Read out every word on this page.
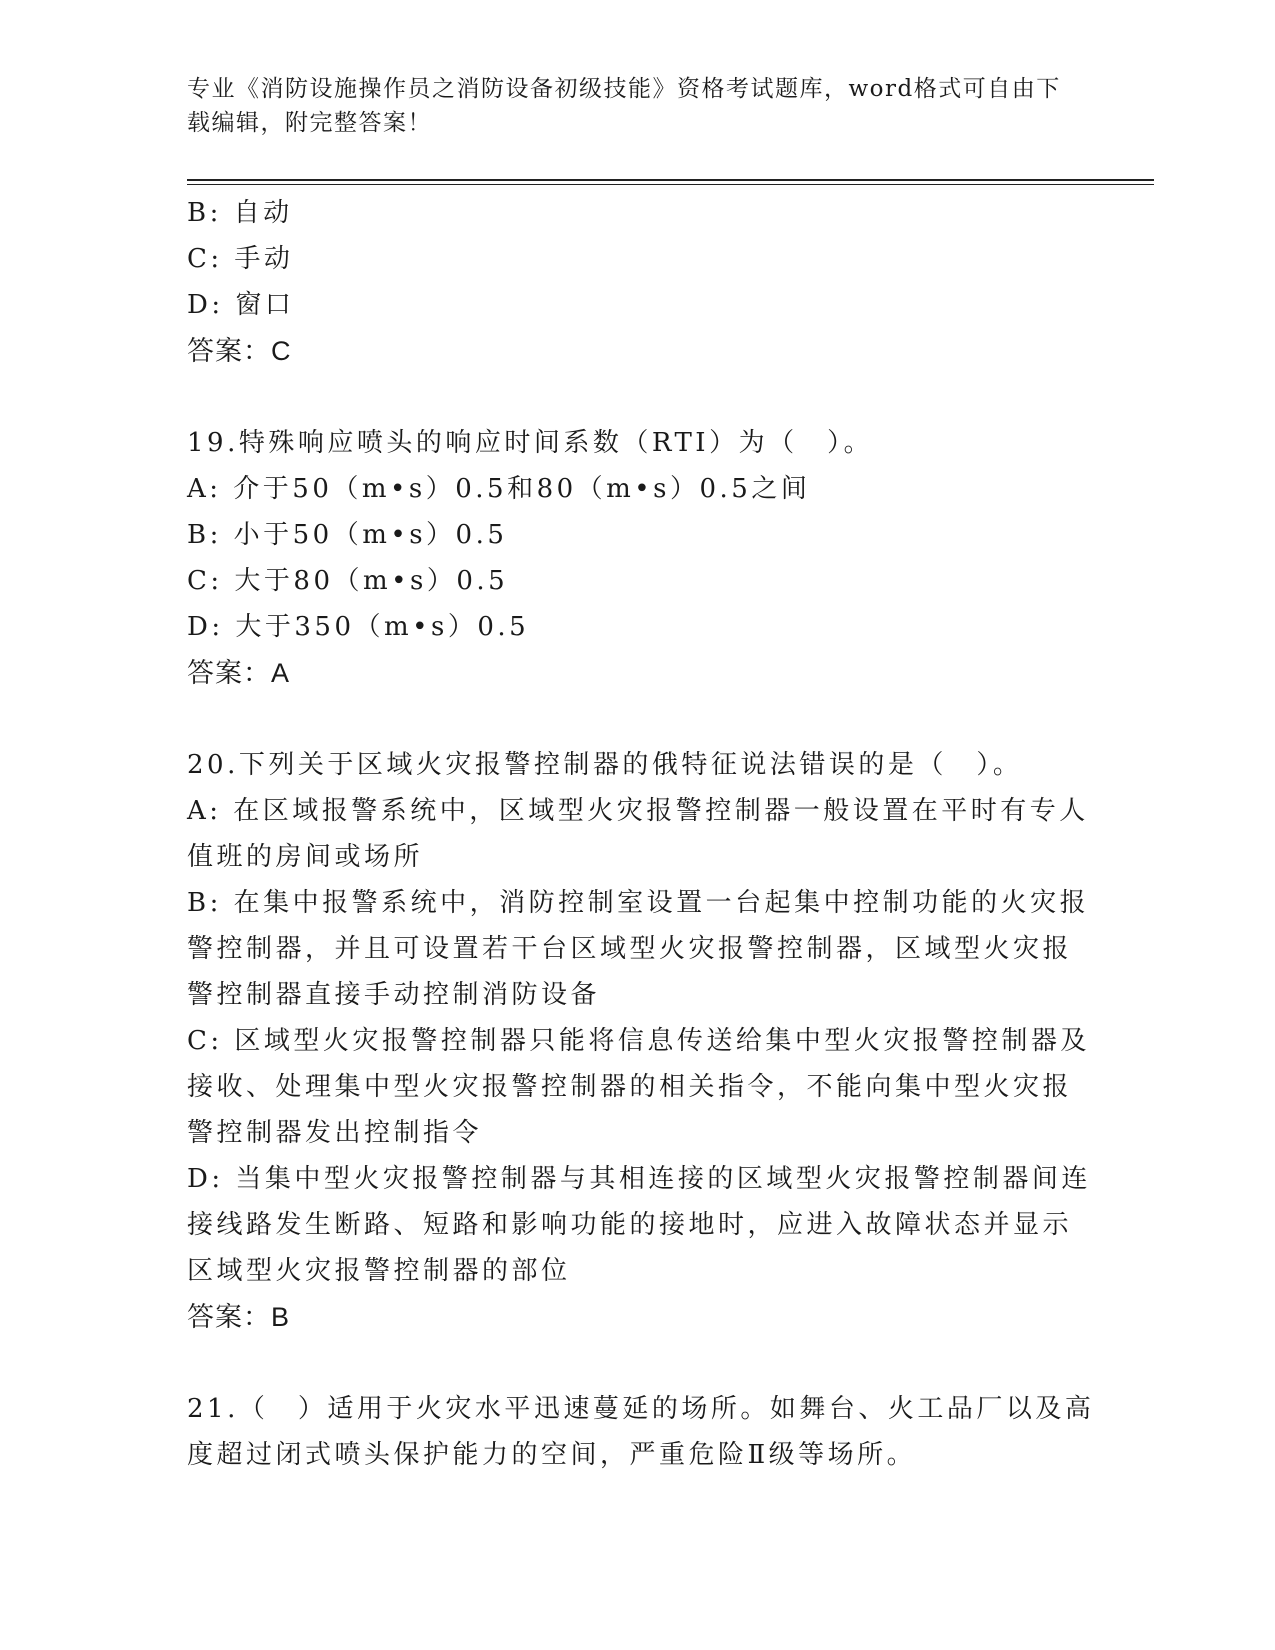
专业《消防设施操作员之消防设备初级技能》资格考试题库，word格式可自由下
载编辑，附完整答案！
B: 自动
C: 手动
D: 窗口
答案：C
19.特殊响应喷头的响应时间系数（RTI）为（　）。
A: 介于50（m•s）0.5和80（m•s）0.5之间
B: 小于50（m•s）0.5
C: 大于80（m•s）0.5
D: 大于350（m•s）0.5
答案：A
20.下列关于区域火灾报警控制器的俄特征说法错误的是（　）。
A: 在区域报警系统中，区域型火灾报警控制器一般设置在平时有专人
值班的房间或场所
B: 在集中报警系统中，消防控制室设置一台起集中控制功能的火灾报
警控制器，并且可设置若干台区域型火灾报警控制器，区域型火灾报
警控制器直接手动控制消防设备
C: 区域型火灾报警控制器只能将信息传送给集中型火灾报警控制器及
接收、处理集中型火灾报警控制器的相关指令，不能向集中型火灾报
警控制器发出控制指令
D: 当集中型火灾报警控制器与其相连接的区域型火灾报警控制器间连
接线路发生断路、短路和影响功能的接地时，应进入故障状态并显示
区域型火灾报警控制器的部位
答案：B
21.（　）适用于火灾水平迅速蔓延的场所。如舞台、火工品厂以及高
度超过闭式喷头保护能力的空间，严重危险Ⅱ级等场所。
